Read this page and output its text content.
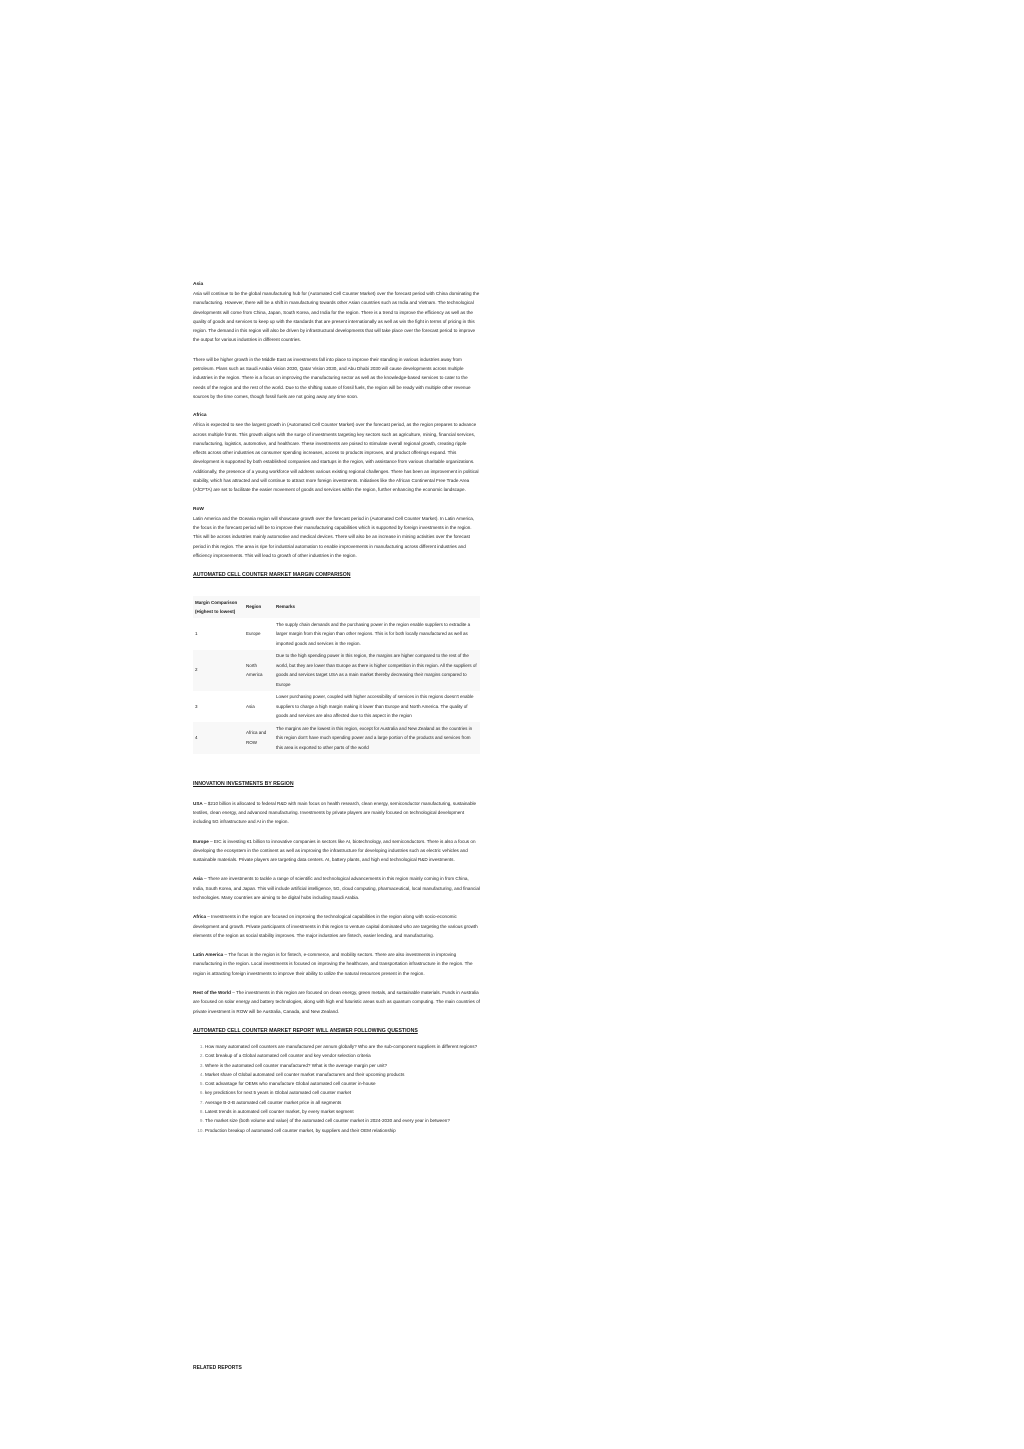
Asia

Asia will continue to be the global manufacturing hub for (Automated Cell Counter Market) over the forecast period with China dominating the manufacturing. However, there will be a shift in manufacturing towards other Asian countries such as India and Vietnam. The technological developments will come from China, Japan, South Korea, and India for the region. There is a trend to improve the efficiency as well as the quality of goods and services to keep up with the standards that are present internationally as well as win the fight in terms of pricing in this region. The demand in this region will also be driven by infrastructural developments that will take place over the forecast period to improve the output for various industries in different countries.

There will be higher growth in the Middle East as investments fall into place to improve their standing in various industries away from petroleum. Plans such as Saudi Arabia Vision 2030, Qatar Vision 2030, and Abu Dhabi 2030 will cause developments across multiple industries in the region. There is a focus on improving the manufacturing sector as well as the knowledge-based services to cater to the needs of the region and the rest of the world. Due to the shifting nature of fossil fuels, the region will be ready with multiple other revenue sources by the time comes, though fossil fuels are not going away any time soon.

Africa

Africa is expected to see the largest growth in (Automated Cell Counter Market) over the forecast period, as the region prepares to advance across multiple fronts. This growth aligns with the surge of investments targeting key sectors such as agriculture, mining, financial services, manufacturing, logistics, automotive, and healthcare. These investments are poised to stimulate overall regional growth, creating ripple effects across other industries as consumer spending increases, access to products improves, and product offerings expand. This development is supported by both established companies and startups in the region, with assistance from various charitable organizations. Additionally, the presence of a young workforce will address various existing regional challenges. There has been an improvement in political stability, which has attracted and will continue to attract more foreign investments. Initiatives like the African Continental Free Trade Area (AfCFTA) are set to facilitate the easier movement of goods and services within the region, further enhancing the economic landscape.

RoW

Latin America and the Oceania region will showcase growth over the forecast period in (Automated Cell Counter Market). In Latin America, the focus in the forecast period will be to improve their manufacturing capabilities which is supported by foreign investments in the region. This will be across industries mainly automotive and medical devices. There will also be an increase in mining activities over the forecast period in this region. The area is ripe for industrial automation to enable improvements in manufacturing across different industries and efficiency improvements. This will lead to growth of other industries in the region.

AUTOMATED CELL COUNTER MARKET MARGIN COMPARISON
Margin Comparison (Highest to lowest)	Region	Remarks
1	Europe	The supply chain demands and the purchasing power in the region enable suppliers to extradite a larger margin from this region than other regions. This is for both locally manufactured as well as imported goods and services in the region.
2	North America	Due to the high spending power in this region, the margins are higher compared to the rest of the world, but they are lower than Europe as there is higher competition in this region. All the suppliers of goods and services target USA as a main market thereby decreasing their margins compared to Europe
3	Asia	Lower purchasing power, coupled with higher accessibility of services in this regions doesn't enable suppliers to charge a high margin making it lower than Europe and North America. The quality of goods and services are also affected due to this aspect in the region
4	Africa and ROW	The margins are the lowest in this region, except for Australia and New Zealand as the countries in this region don't have much spending power and a large portion of the products and services from this area is exported to other parts of the world
INNOVATION INVESTMENTS BY REGION

USA – $210 billion is allocated to federal R&D with main focus on health research, clean energy, semiconductor manufacturing, sustainable textiles, clean energy, and advanced manufacturing. Investments by private players are mainly focused on technological development including 5G infrastructure and AI in the region.

Europe – EIC is investing €1 billion to innovative companies in sectors like AI, biotechnology, and semiconductors. There is also a focus on developing the ecosystem in the continent as well as improving the infrastructure for developing industries such as electric vehicles and sustainable materials. Private players are targeting data centers. AI, battery plants, and high end technological R&D investments.

Asia – There are investments to tackle a range of scientific and technological advancements in this region mainly coming in from China, India, South Korea, and Japan. This will include artificial intelligence, 5G, cloud computing, pharmaceutical, local manufacturing, and financial technologies. Many countries are aiming to be digital hubs including Saudi Arabia.

Africa – Investments in the region are focused on improving the technological capabilities in the region along with socio-economic development and growth. Private participants of investments in this region to venture capital dominated who are targeting the various growth elements of the region as social stability improves. The major industries are fintech, easier lending, and manufacturing.

Latin America – The focus in the region is for fintech, e-commerce, and mobility sectors. There are also investments in improving manufacturing in the region. Local investments is focused on improving the healthcare, and transportation infrastructure in the region. The region is attracting foreign investments to improve their ability to utilize the natural resources present in the region.

Rest of the World – The investments in this region are focused on clean energy, green metals, and sustainable materials. Funds in Australia are focused on solar energy and battery technologies, along with high end futuristic areas such as quantum computing. The main countries of private investment in ROW will be Australia, Canada, and New Zealand.

AUTOMATED CELL COUNTER MARKET REPORT WILL ANSWER FOLLOWING QUESTIONS
1. How many automated cell counters are manufactured per annum globally? Who are the sub-component suppliers in different regions?
2. Cost breakup of a Global automated cell counter and key vendor selection criteria
3. Where is the automated cell counter manufactured? What is the average margin per unit?
4. Market share of Global automated cell counter market manufacturers and their upcoming products
5. Cost advantage for OEMs who manufacture Global automated cell counter in-house
6. key predictions for next 5 years in Global automated cell counter market
7. Average B-2-B automated cell counter market price in all segments
8. Latest trends in automated cell counter market, by every market segment
9. The market size (both volume and value) of the automated cell counter market in 2024-2030 and every year in between?
10. Production breakup of automated cell counter market, by suppliers and their OEM relationship
RELATED REPORTS
